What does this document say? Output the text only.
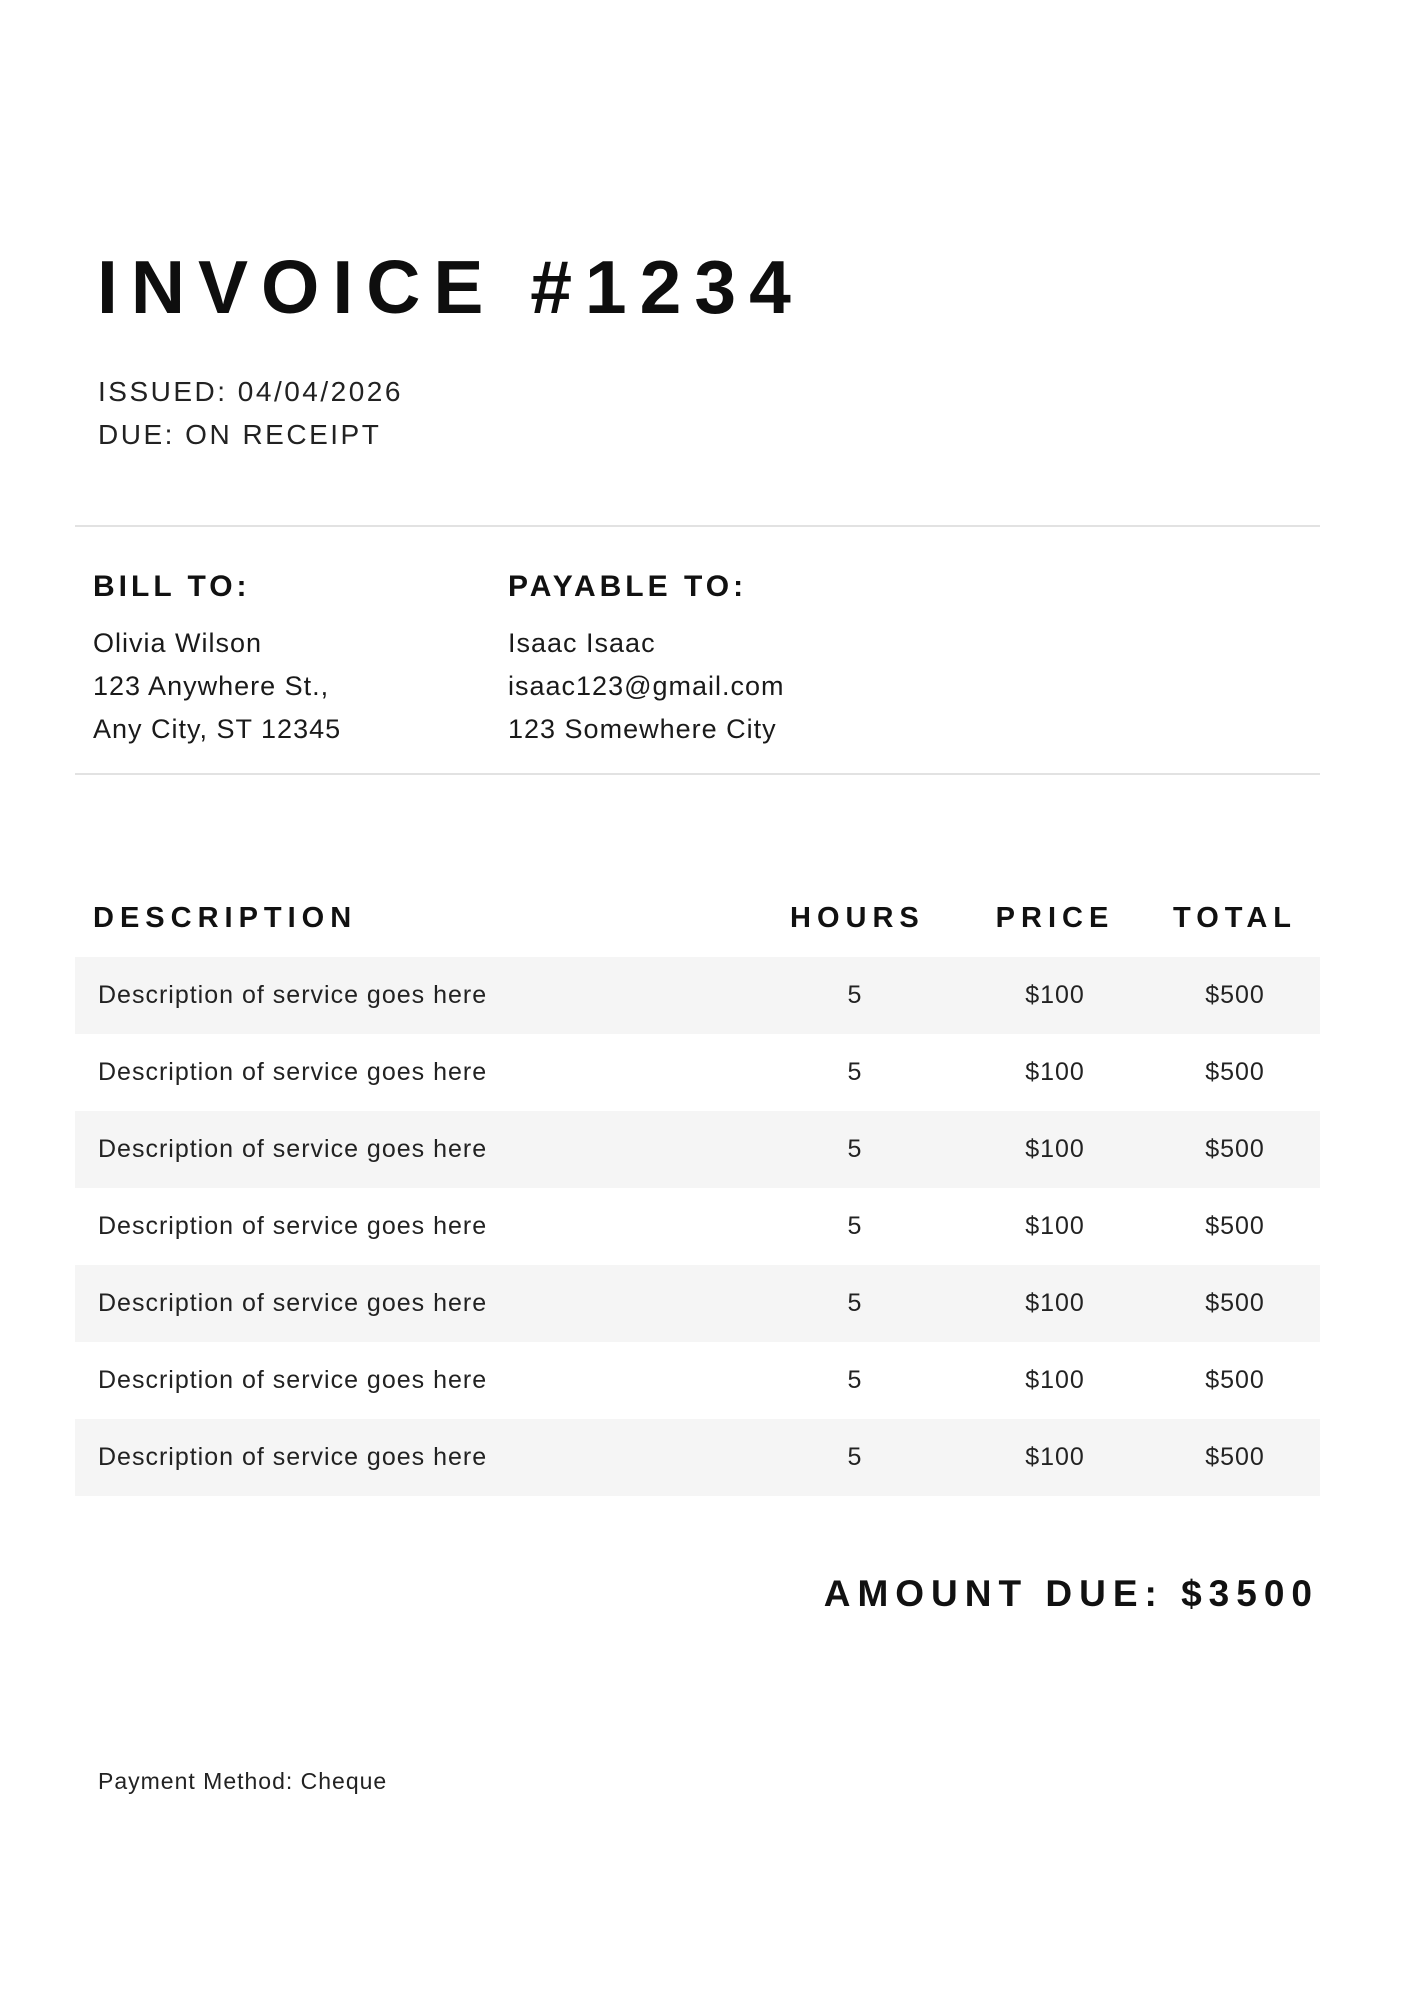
INVOICE #1234
ISSUED: 04/04/2026
DUE: ON RECEIPT
BILL TO:
Olivia Wilson
123 Anywhere St.,
Any City, ST 12345
PAYABLE TO:
Isaac Isaac
isaac123@gmail.com
123 Somewhere City
DESCRIPTION	HOURS PRICE TOTAL
Description of service goes here	5	$100	$500
Description of service goes here	5	$100	$500
Description of service goes here	5	$100	$500
Description of service goes here	5	$100	$500
Description of service goes here	5	$100	$500
Description of service goes here	5	$100	$500
Description of service goes here	5	$100	$500
AMOUNT DUE: $3500
Payment Method: Cheque
